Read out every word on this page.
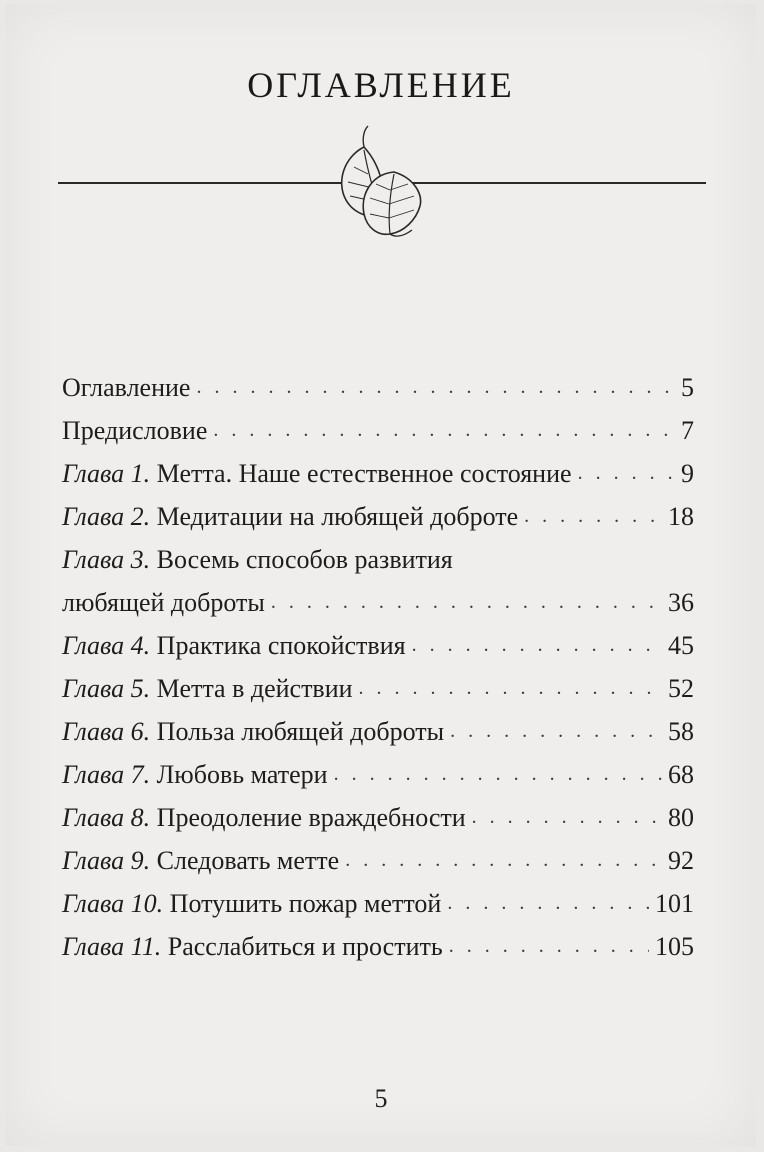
ОГЛАВЛЕНИЕ
Оглавление . . .	5
Предисловие . . .	7
Глава 1. Метта. Наше естественное состояние . . .	9
Глава 2. Медитации на любящей доброте . . .	18
Глава 3. Восемь способов развития
любящей доброты . . .	36
Глава 4. Практика спокойствия . . .	45
Глава 5. Метта в действии . . .	52
Глава 6. Польза любящей доброты . . .	58
Глава 7. Любовь матери . . .	68
Глава 8. Преодоление враждебности . . .	80
Глава 9. Следовать метте . . .	92
Глава 10. Потушить пожар меттой . . .	101
Глава 11. Расслабиться и простить . . .	105
5
